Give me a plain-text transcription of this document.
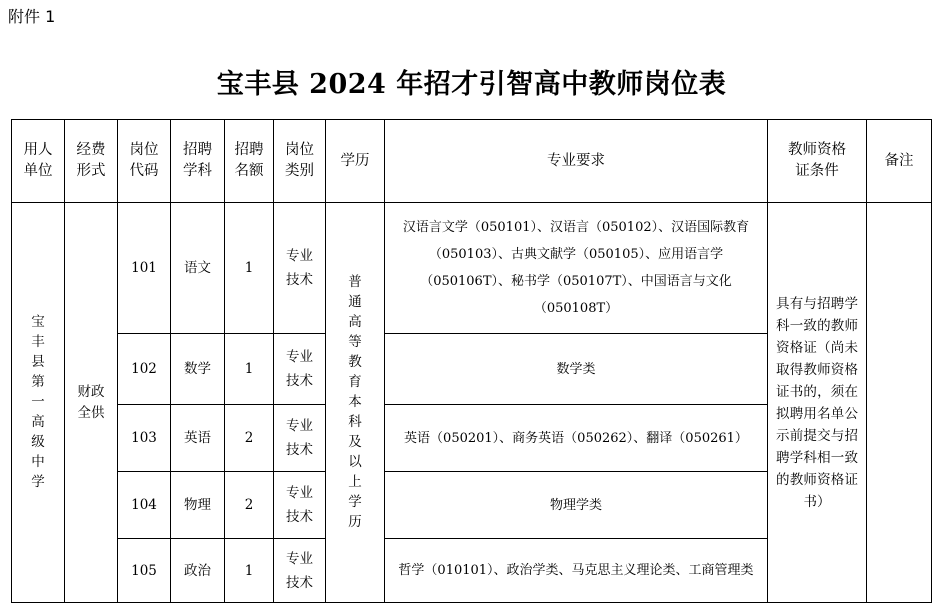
附件 1
宝丰县 2024 年招才引智高中教师岗位表
用人单位	经费形式	岗位代码	招聘学科	招聘名额	岗位类别	学历	专业要求	教师资格证条件	备注
宝丰县第一高级中学	财政全供	101	语文	1	专业技术	普通高等教育本科及以上学历	汉语言文学（050101）、汉语言（050102）、汉语国际教育（050103）、古典文献学（050105）、应用语言学（050106T）、秘书学（050107T）、中国语言与文化（050108T）	具有与招聘学科一致的教师资格证（尚未取得教师资格证书的，须在拟聘用名单公示前提交与招聘学科相一致的教师资格证书）	

		102	数学	1	专业技术		数学类		

		103	英语	2	专业技术		英语（050201）、商务英语（050262）、翻译（050261）		

		104	物理	2	专业技术		物理学类		

		105	政治	1	专业技术		哲学（010101）、政治学类、马克思主义理论类、工商管理类		
